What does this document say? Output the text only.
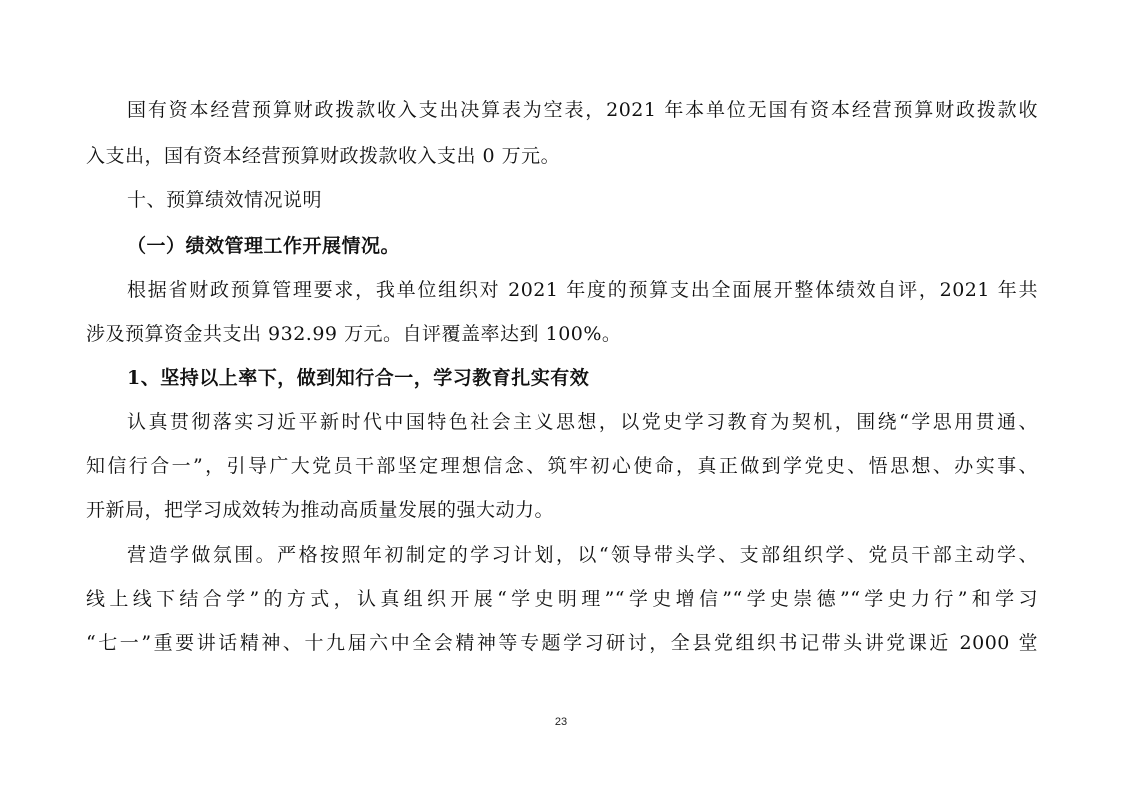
国有资本经营预算财政拨款收入支出决算表为空表，2021 年本单位无国有资本经营预算财政拨款收
入支出，国有资本经营预算财政拨款收入支出 0 万元。
十、预算绩效情况说明
（一）绩效管理工作开展情况。
根据省财政预算管理要求，我单位组织对 2021 年度的预算支出全面展开整体绩效自评，2021 年共
涉及预算资金共支出 932.99 万元。自评覆盖率达到 100%。
1、坚持以上率下，做到知行合一，学习教育扎实有效
认真贯彻落实习近平新时代中国特色社会主义思想，以党史学习教育为契机，围绕“学思用贯通、
知信行合一”，引导广大党员干部坚定理想信念、筑牢初心使命，真正做到学党史、悟思想、办实事、
开新局，把学习成效转为推动高质量发展的强大动力。
营造学做氛围。严格按照年初制定的学习计划，以“领导带头学、支部组织学、党员干部主动学、
线上线下结合学”的方式，认真组织开展“学史明理”“学史增信”“学史崇德”“学史力行”和学习
“七一”重要讲话精神、十九届六中全会精神等专题学习研讨，全县党组织书记带头讲党课近 2000 堂
23
